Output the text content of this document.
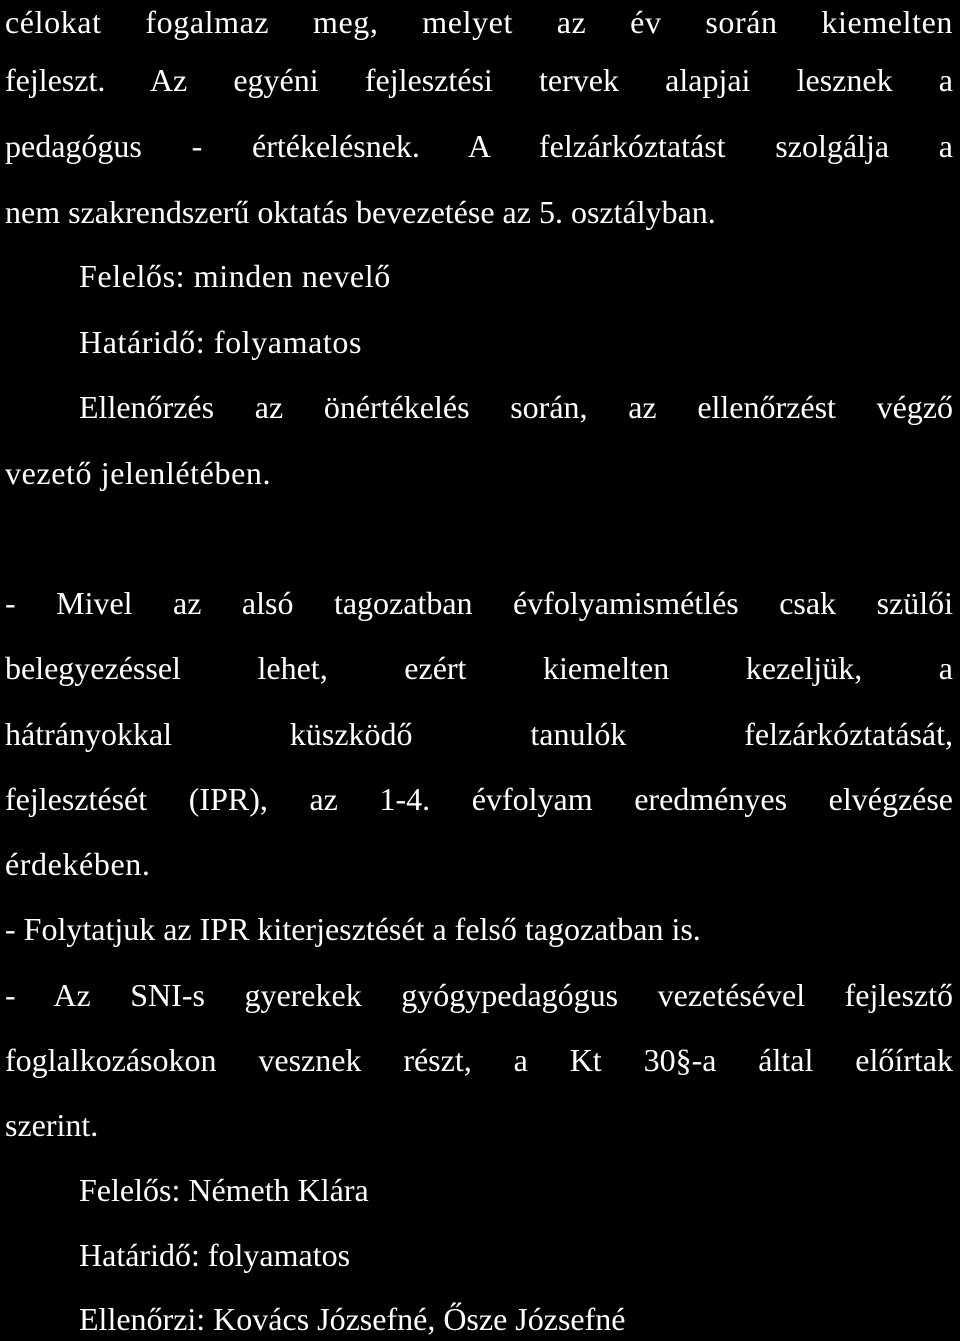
célokat fogalmaz meg, melyet az év során kiemelten
fejleszt. Az egyéni fejlesztési tervek alapjai lesznek a
pedagógus - értékelésnek. A felzárkóztatást szolgálja a
nem szakrendszerű oktatás bevezetése az 5. osztályban.
Felelős: minden nevelő
Határidő: folyamatos
Ellenőrzés az önértékelés során, az ellenőrzést végző
vezető jelenlétében.
- Mivel az alsó tagozatban évfolyamismétlés csak szülői
belegyezéssel lehet, ezért kiemelten kezeljük, a
hátrányokkal küszködő tanulók felzárkóztatását,
fejlesztését (IPR), az 1-4. évfolyam eredményes elvégzése
érdekében.
- Folytatjuk az IPR kiterjesztését a felső tagozatban is.
- Az SNI-s gyerekek gyógypedagógus vezetésével fejlesztő
foglalkozásokon vesznek részt, a Kt 30§-a által előírtak
szerint.
Felelős: Németh Klára
Határidő: folyamatos
Ellenőrzi: Kovács Józsefné, Ősze Józsefné
